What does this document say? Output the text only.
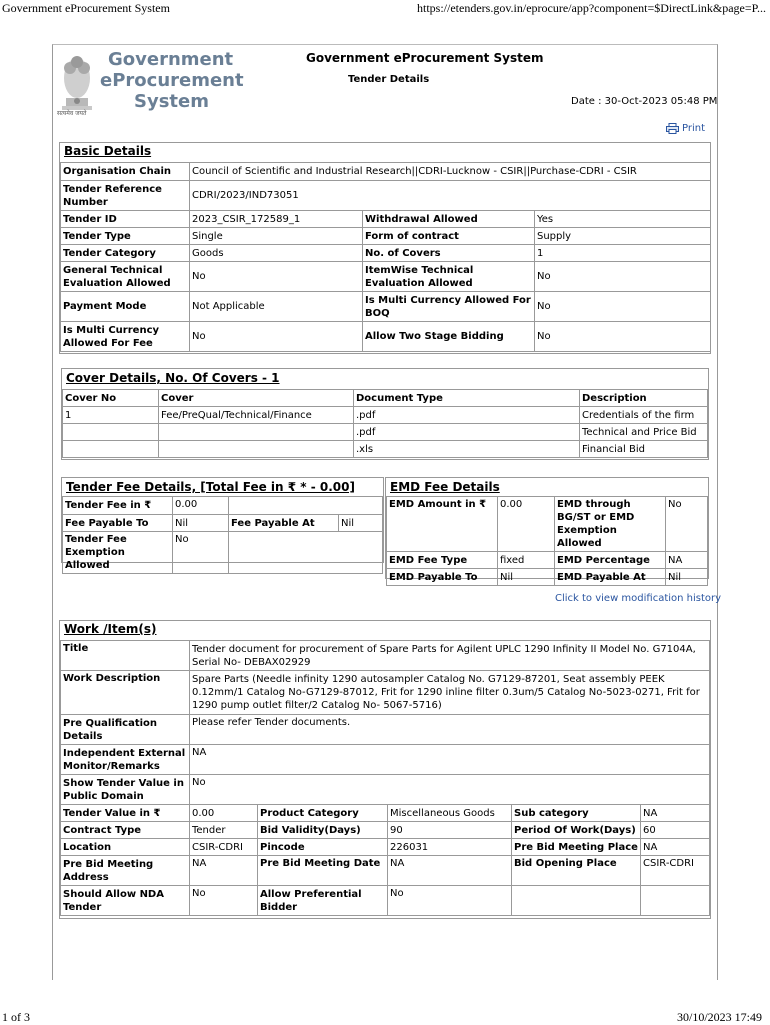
Government eProcurement System	https://etenders.gov.in/eprocure/app?component=$DirectLink&page=P...
1 of 3	30/10/2023 17:49
Government
eProcurement
System
सत्यमेव जयते
Government eProcurement System
Tender Details
Date : 30-Oct-2023 05:48 PM
Print
Basic Details
Organisation Chain	Council of Scientific and Industrial Research||CDRI-Lucknow - CSIR||Purchase-CDRI - CSIR		
Tender Reference Number	CDRI/2023/IND73051		
Tender ID	2023_CSIR_172589_1	Withdrawal Allowed	Yes
Tender Type	Single	Form of contract	Supply
Tender Category	Goods	No. of Covers	1
General Technical Evaluation Allowed	No	ItemWise Technical Evaluation Allowed	No
Payment Mode	Not Applicable	Is Multi Currency Allowed For BOQ	No
Is Multi Currency Allowed For Fee	No	Allow Two Stage Bidding	No
Cover Details, No. Of Covers - 1
Cover No	Cover	Document Type	Description
1	Fee/PreQual/Technical/Finance	.pdf	Credentials of the firm
		.pdf	Technical and Price Bid
		.xls	Financial Bid
Tender Fee Details, [Total Fee in ₹ * - 0.00]
Tender Fee in ₹	0.00		
Fee Payable To	Nil	Fee Payable At	Nil
Tender Fee Exemption Allowed	No		
EMD Fee Details
EMD Amount in ₹	0.00	EMD through BG/ST or EMD Exemption Allowed	No
EMD Fee Type	fixed	EMD Percentage	NA
EMD Payable To	Nil	EMD Payable At	Nil
Click to view modification history
Work /Item(s)
Title	Tender document for procurement of Spare Parts for Agilent UPLC 1290 Infinity II Model No. G7104A, Serial No- DEBAX02929				
Work Description	Spare Parts (Needle infinity 1290 autosampler Catalog No. G7129-87201, Seat assembly PEEK 0.12mm/1 Catalog No-G7129-87012, Frit for 1290 inline filter 0.3um/5 Catalog No-5023-0271, Frit for 1290 pump outlet filter/2 Catalog No- 5067-5716)				
Pre Qualification Details	Please refer Tender documents.				
Independent External Monitor/Remarks	NA				
Show Tender Value in Public Domain	No				
Tender Value in ₹	0.00	Product Category	Miscellaneous Goods	Sub category	NA
Contract Type	Tender	Bid Validity(Days)	90	Period Of Work(Days)	60
Location	CSIR-CDRI	Pincode	226031	Pre Bid Meeting Place	NA
Pre Bid Meeting Address	NA	Pre Bid Meeting Date	NA	Bid Opening Place	CSIR-CDRI
Should Allow NDA Tender	No	Allow Preferential Bidder	No		
